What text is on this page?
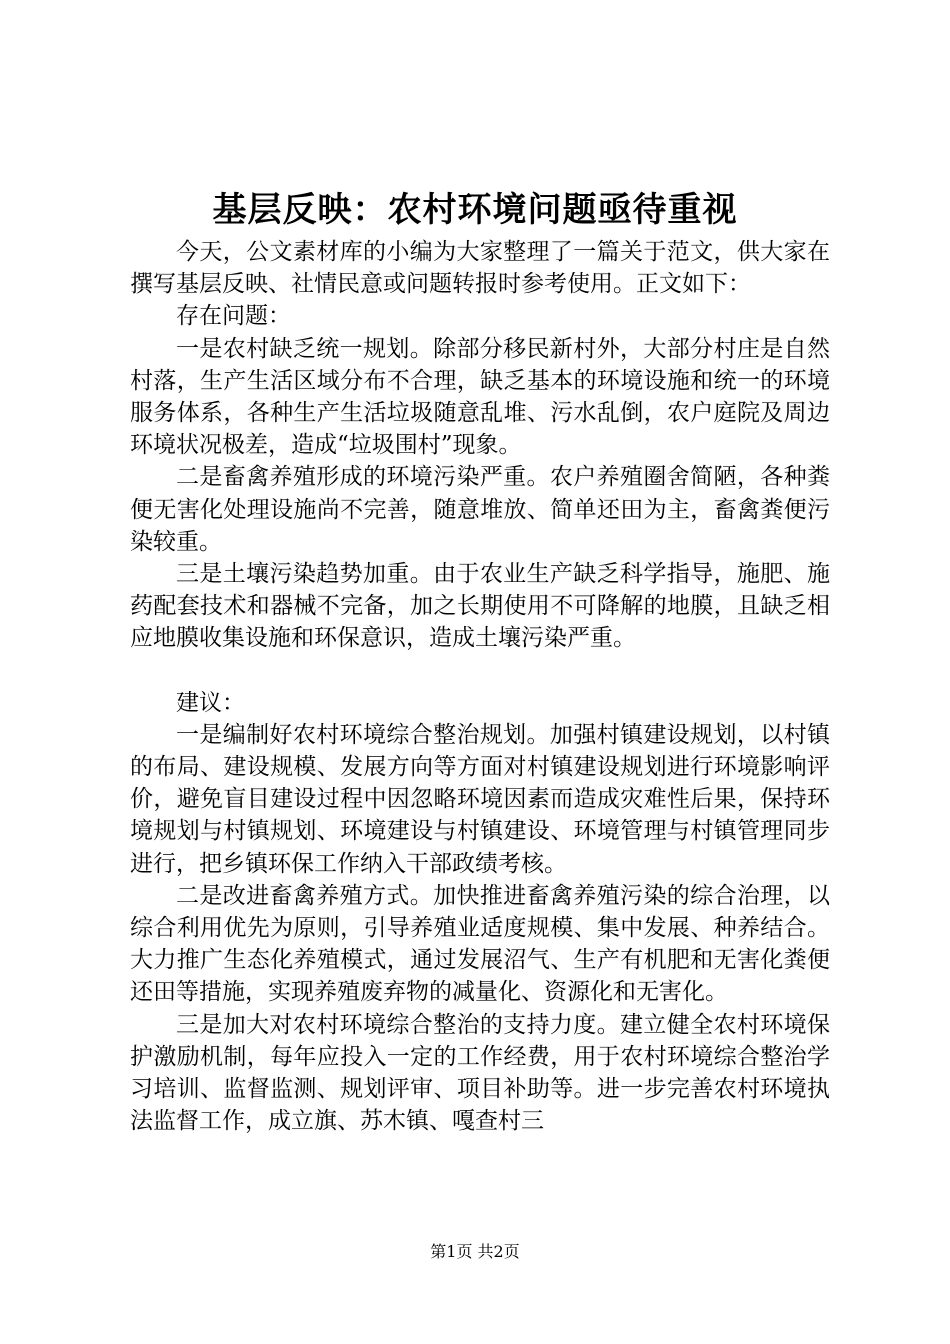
基层反映：农村环境问题亟待重视

今天，公文素材库的小编为大家整理了一篇关于范文，供大家在撰写基层反映、社情民意或问题转报时参考使用。正文如下：

存在问题：

一是农村缺乏统一规划。除部分移民新村外，大部分村庄是自然村落，生产生活区域分布不合理，缺乏基本的环境设施和统一的环境服务体系，各种生产生活垃圾随意乱堆、污水乱倒，农户庭院及周边环境状况极差，造成“垃圾围村”现象。

二是畜禽养殖形成的环境污染严重。农户养殖圈舍简陋，各种粪便无害化处理设施尚不完善，随意堆放、简单还田为主，畜禽粪便污染较重。

三是土壤污染趋势加重。由于农业生产缺乏科学指导，施肥、施药配套技术和器械不完备，加之长期使用不可降解的地膜，且缺乏相应地膜收集设施和环保意识，造成土壤污染严重。

建议：

一是编制好农村环境综合整治规划。加强村镇建设规划，以村镇的布局、建设规模、发展方向等方面对村镇建设规划进行环境影响评价，避免盲目建设过程中因忽略环境因素而造成灾难性后果，保持环境规划与村镇规划、环境建设与村镇建设、环境管理与村镇管理同步进行，把乡镇环保工作纳入干部政绩考核。

二是改进畜禽养殖方式。加快推进畜禽养殖污染的综合治理，以综合利用优先为原则，引导养殖业适度规模、集中发展、种养结合。大力推广生态化养殖模式，通过发展沼气、生产有机肥和无害化粪便还田等措施，实现养殖废弃物的减量化、资源化和无害化。

三是加大对农村环境综合整治的支持力度。建立健全农村环境保护激励机制，每年应投入一定的工作经费，用于农村环境综合整治学习培训、监督监测、规划评审、项目补助等。进一步完善农村环境执法监督工作，成立旗、苏木镇、嘎查村三

第1页 共2页
